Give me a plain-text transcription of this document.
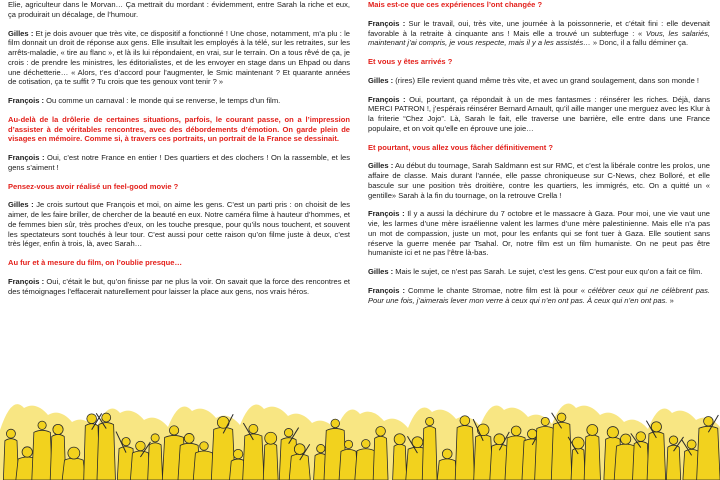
Elie, agriculteur dans le Morvan… Ça mettrait du mordant : évidemment, entre Sarah la riche et eux, ça produirait un décalage, de l’humour.

Gilles : Et je dois avouer que très vite, ce dispositif a fonctionné ! Une chose, notamment, m’a plu : le film donnait un droit de réponse aux gens. Elle insultait les employés à la télé, sur les retraites, sur les arrêts-maladie, « tire au flanc », et là ils lui répondaient, en vrai, sur le terrain. On a tous rêvé de ça, je crois : de prendre les ministres, les éditorialistes, et de les envoyer en stage dans un Ehpad ou dans une déchetterie… « Alors, t’es d’accord pour l’augmenter, le Smic maintenant ? Et quarante années de cotisation, ça te suffit ? Tu crois que tes genoux vont tenir ? »

François : Ou comme un carnaval : le monde qui se renverse, le temps d’un film.

Au-delà de la drôlerie de certaines situations, parfois, le courant passe, on a l’impression d’assister à de véritables rencontres, avec des débordements d’émotion. On garde plein de visages en mémoire. Comme si, à travers ces portraits, un portrait de la France se dessinait.

François : Oui, c’est notre France en entier ! Des quartiers et des clochers ! On la rassemble, et les gens s’aiment !

Pensez-vous avoir réalisé un feel-good movie ?

Gilles : Je crois surtout que François et moi, on aime les gens. C’est un parti pris : on choisit de les aimer, de les faire briller, de chercher de la beauté en eux. Notre caméra filme à hauteur d’hommes, et de femmes bien sûr, très proches d’eux, on les touche presque, pour qu’ils nous touchent, et souvent les spectateurs sont touchés à leur tour. C’est aussi pour cette raison qu’on filme juste à deux, c’est très léger, enfin à trois, là, avec Sarah…

Au fur et à mesure du film, on l’oublie presque…

François : Oui, c’était le but, qu’on finisse par ne plus la voir. On savait que la force des rencontres et des témoignages l’effacerait naturellement pour laisser la place aux gens, nos vrais héros.

Mais est-ce que ces expériences l’ont changée ?

François : Sur le travail, oui, très vite, une journée à la poissonnerie, et c’était fini : elle devenait favorable à la retraite à cinquante ans ! Mais elle a trouvé un subterfuge : « Vous, les salariés, maintenant j’ai compris, je vous respecte, mais il y a les assistés… » Donc, il a fallu déminer ça.

Et vous y êtes arrivés ?

Gilles : (rires) Elle revient quand même très vite, et avec un grand soulagement, dans son monde !

François : Oui, pourtant, ça répondait à un de mes fantasmes : réinsérer les riches. Déjà, dans MERCI PATRON !, j’espérais réinsérer Bernard Arnault, qu’il aille manger une merguez avec les Klur à la friterie “Chez Jojo”. Là, Sarah le fait, elle traverse une barrière, elle entre dans une France populaire, et on voit qu’elle en éprouve une joie…

Et pourtant, vous allez vous fâcher définitivement ?

Gilles : Au début du tournage, Sarah Saldmann est sur RMC, et c’est la libérale contre les prolos, une affaire de classe. Mais durant l’année, elle passe chroniqueuse sur C-News, chez Bolloré, et elle bascule sur une position très droitière, contre les quartiers, les immigrés, etc. On a quitté un « gentille» Sarah à la fin du tournage, on la retrouve Crella !

François : Il y a aussi la déchirure du 7 octobre et le massacre à Gaza. Pour moi, une vie vaut une vie, les larmes d’une mère israélienne valent les larmes d’une mère palestinienne. Mais elle n’a pas un mot de compassion, juste un mot, pour les enfants qui se font tuer à Gaza. Elle soutient sans réserve la guerre menée par Tsahal. Or, notre film est un film humaniste. On ne peut pas être humaniste ici et ne pas l’être là-bas.

Gilles : Mais le sujet, ce n’est pas Sarah. Le sujet, c’est les gens. C’est pour eux qu’on a fait ce film.

François : Comme le chante Stromae, notre film est là pour « célébrer ceux qui ne célèbrent pas. Pour une fois, j’aimerais lever mon verre à ceux qui n’en ont pas. À ceux qui n’en ont pas. »
